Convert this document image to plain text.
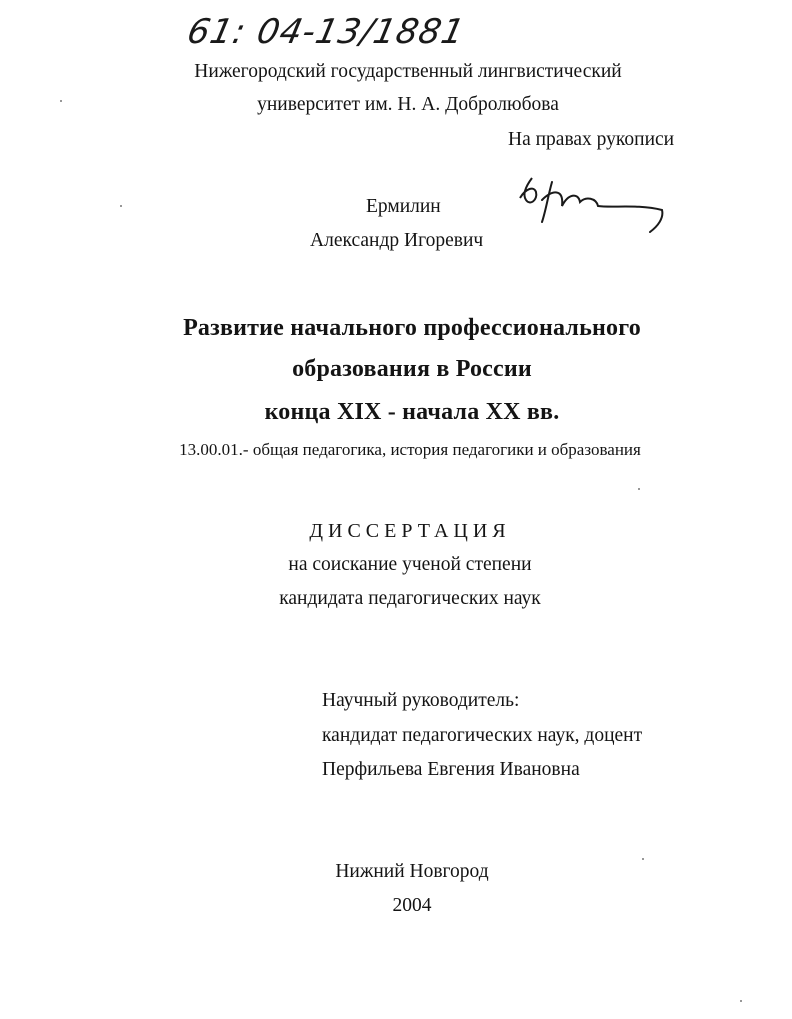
61: 04-13/1881
Нижегородский государственный лингвистический
университет им. Н. А. Добролюбова
На правах рукописи
Ермилин
Александр Игоревич
Развитие начального профессионального
образования в России
конца XIX - начала XX вв.
13.00.01.- общая педагогика, история педагогики и образования
ДИССЕРТАЦИЯ
на соискание ученой степени
кандидата педагогических наук
Научный руководитель:
кандидат педагогических наук, доцент
Перфильева Евгения Ивановна
Нижний Новгород
2004
